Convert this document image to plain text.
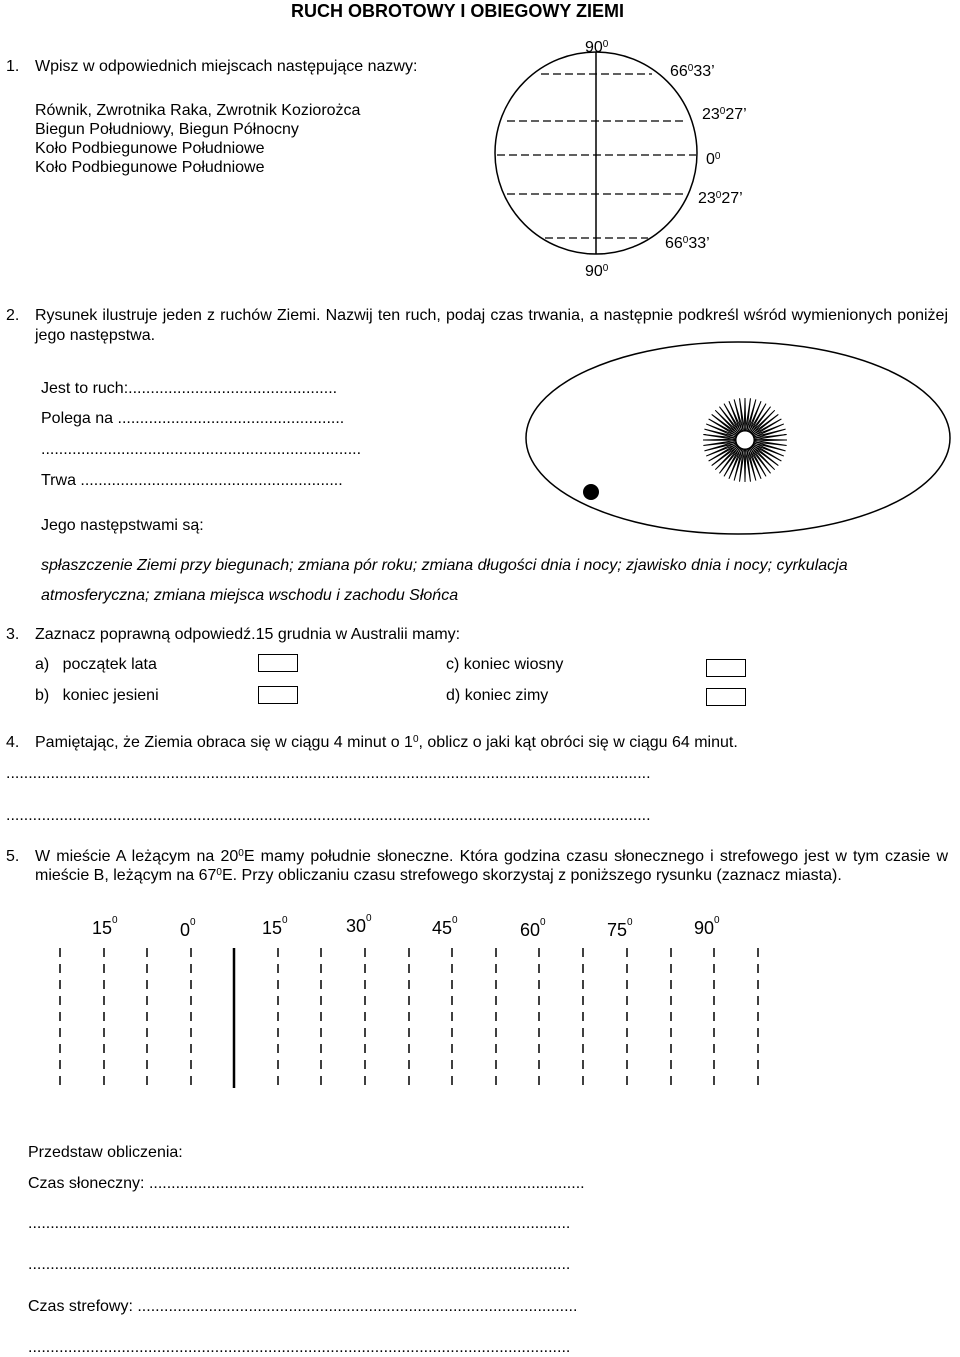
RUCH OBROTOWY I OBIEGOWY ZIEMI
1. Wpisz w odpowiednich miejscach następujące nazwy:
Równik, Zwrotnika Raka, Zwrotnik Koziorożca
Biegun Południowy, Biegun Północny
Koło Podbiegunowe Południowe
Koło Podbiegunowe Południowe
$90^0$
$66^033$’
$23^027$’
$0^0$
$23^027$’
$66^033$’
$90^0$
2. Rysunek ilustruje jeden z ruchów Ziemi. Nazwij ten ruch, podaj czas trwania, a następnie podkreśl wśród wymienionych poniżej jego następstwa.
Jest to ruch:...............................................
Polega na ...................................................
........................................................................
Trwa ...........................................................
Jego następstwami są:
spłaszczenie Ziemi przy biegunach; zmiana pór roku; zmiana długości dnia i nocy; zjawisko dnia i nocy; cyrkulacja
atmosferyczna; zmiana miejsca wschodu i zachodu Słońca
3. Zaznacz poprawną odpowiedź.15 grudnia w Australii mamy:
a) początek lata
b) koniec jesieni
c) koniec wiosny
d) koniec zimy
4. Pamiętając, że Ziemia obraca się w ciągu 4 minut o $1^0$, oblicz o jaki kąt obróci się w ciągu 64 minut.
.................................................................................................................................................
.................................................................................................................................................
5. W mieście A leżącym na $20^0E$ mamy południe słoneczne. Która godzina czasu słonecznego i strefowego jest w tym czasie w mieście B, leżącym na $67^0E$. Przy obliczaniu czasu strefowego skorzystaj z poniższego rysunku (zaznacz miasta).
$15^0$	$0^0$	$15^0$	$30^0$	$45^0$	$60^0$	$75^0$	$90^0$
Przedstaw obliczenia:
Czas słoneczny: ..................................................................................................
..........................................................................................................................
..........................................................................................................................
Czas strefowy: ...................................................................................................
..........................................................................................................................
